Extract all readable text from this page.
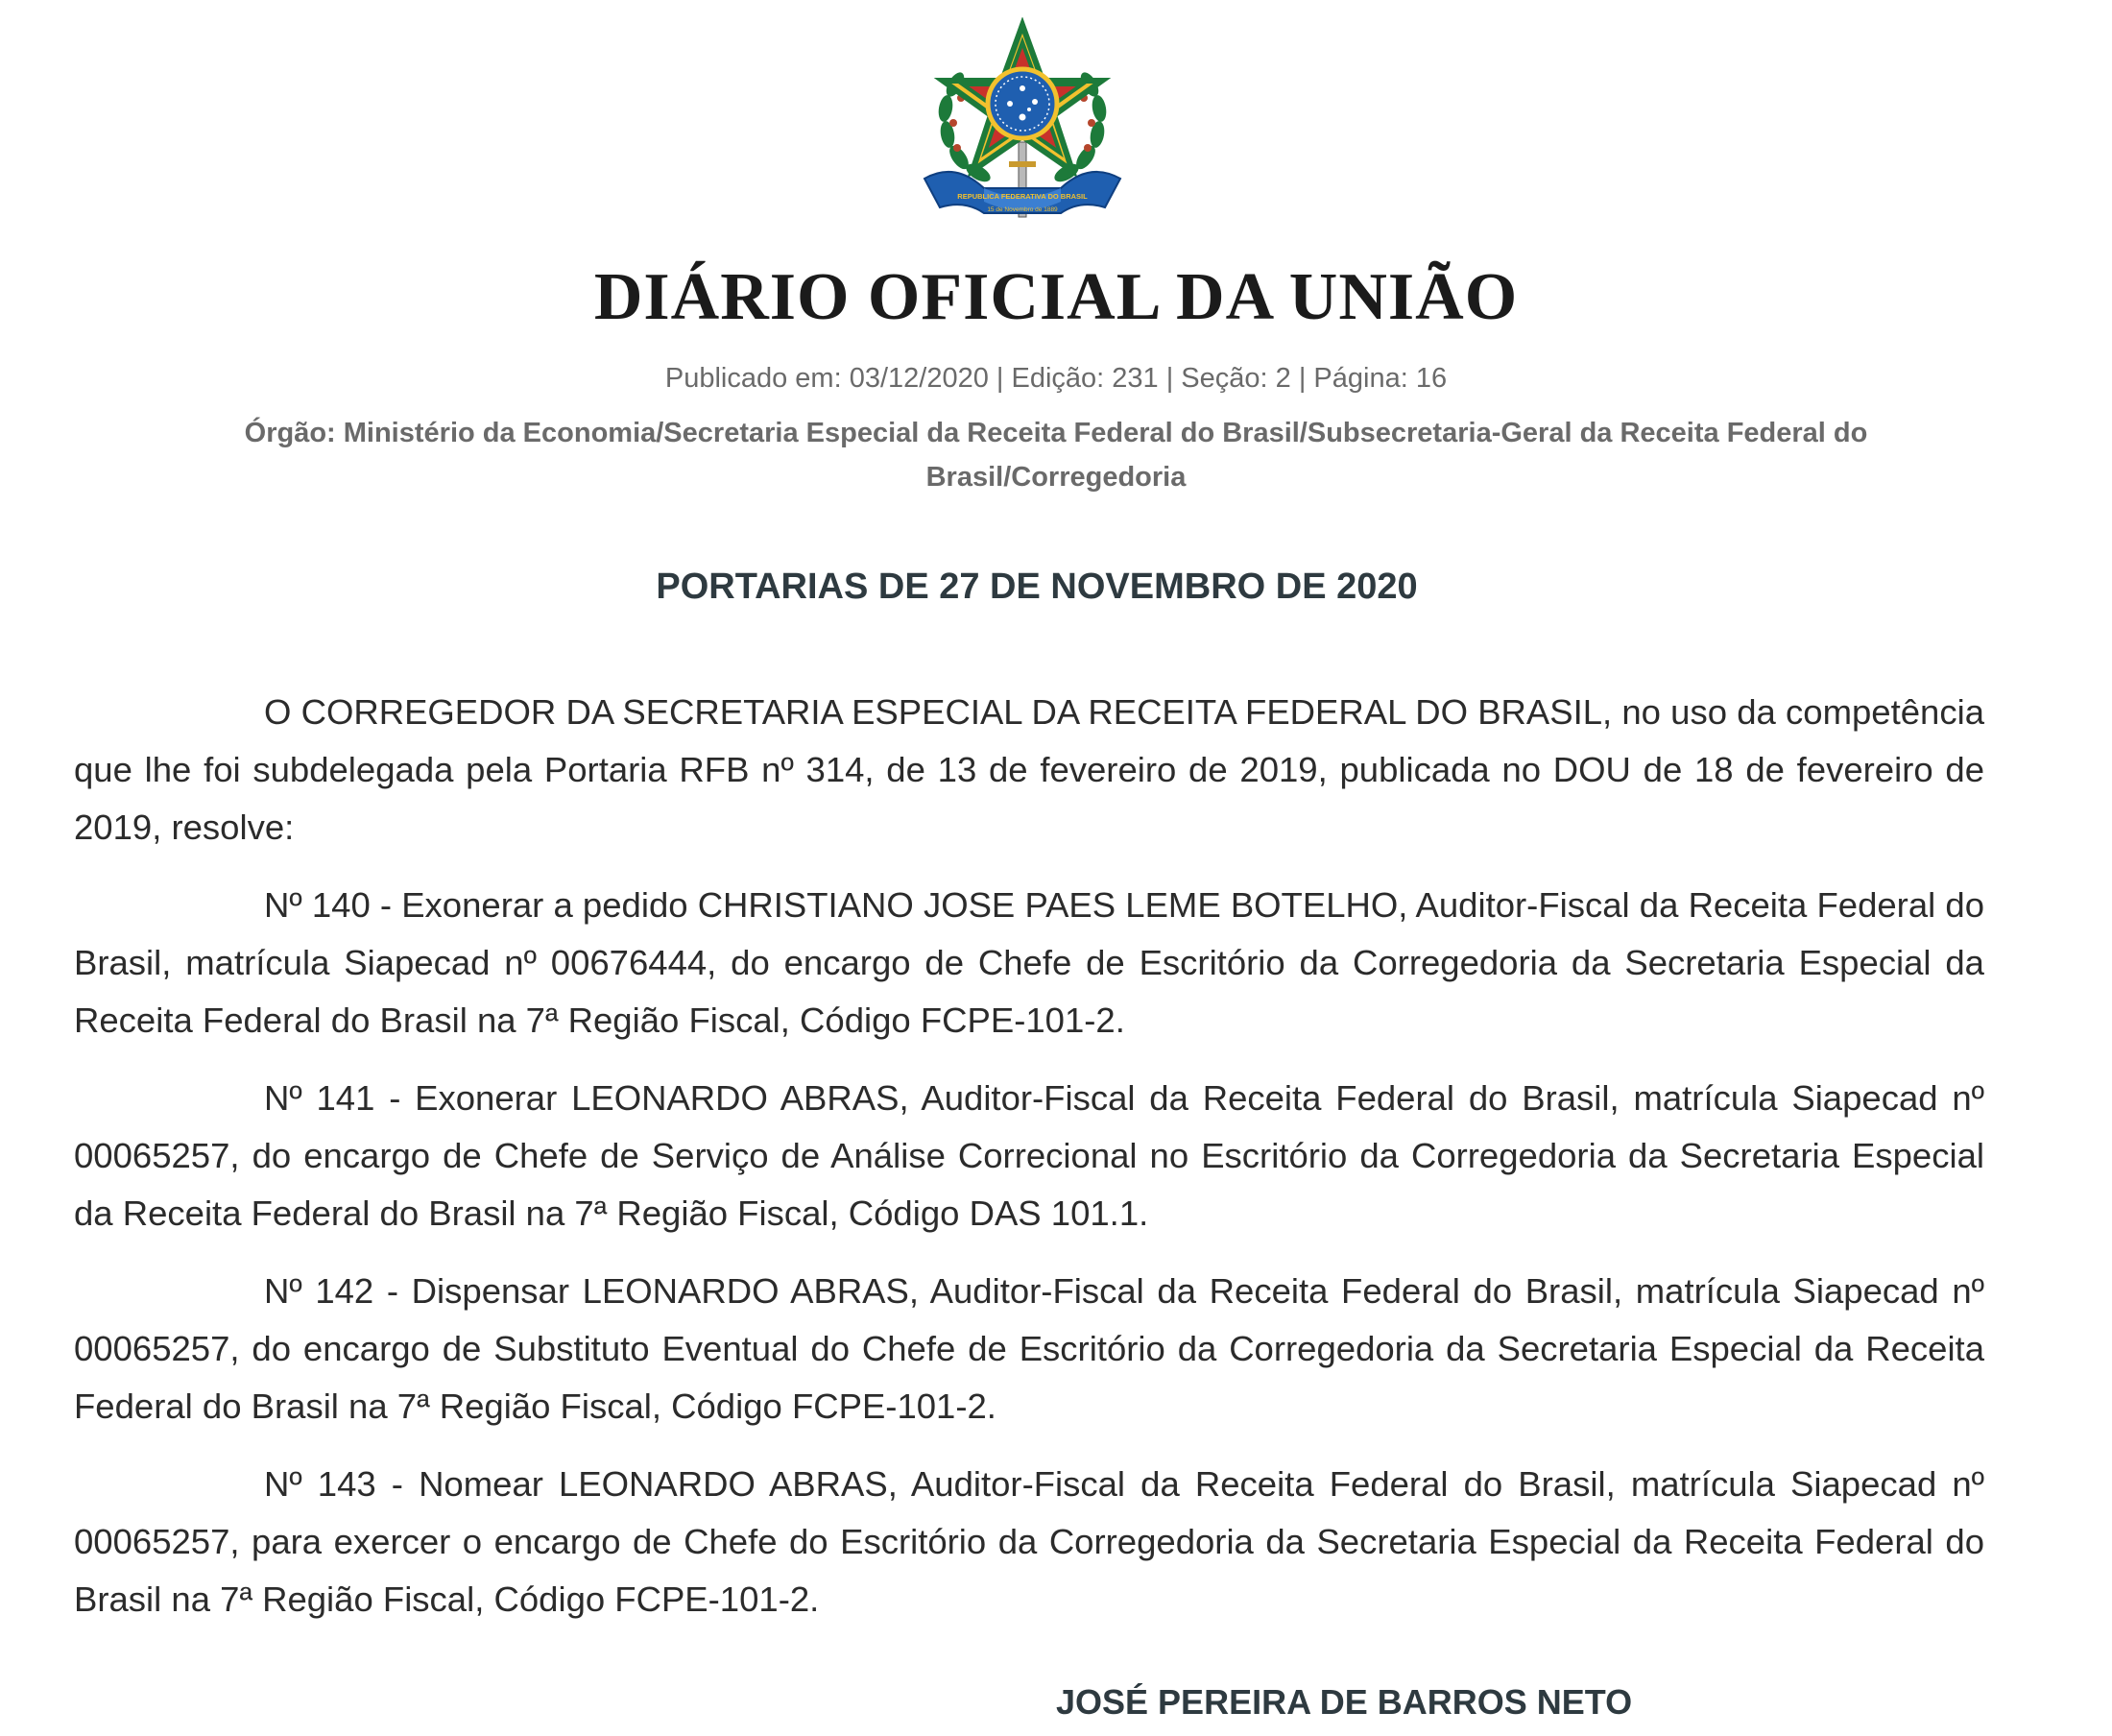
REPUBLICA FEDERATIVA DO BRASIL
15 de Novembro de 1889
DIÁRIO OFICIAL DA UNIÃO
Publicado em: 03/12/2020 | Edição: 231 | Seção: 2 | Página: 16
Órgão: Ministério da Economia/Secretaria Especial da Receita Federal do Brasil/Subsecretaria-Geral da Receita Federal do Brasil/Corregedoria
PORTARIAS DE 27 DE NOVEMBRO DE 2020

O CORREGEDOR DA SECRETARIA ESPECIAL DA RECEITA FEDERAL DO BRASIL, no uso da competência que lhe foi subdelegada pela Portaria RFB nº 314, de 13 de fevereiro de 2019, publicada no DOU de 18 de fevereiro de 2019, resolve:

Nº 140 - Exonerar a pedido CHRISTIANO JOSE PAES LEME BOTELHO, Auditor-Fiscal da Receita Federal do Brasil, matrícula Siapecad nº 00676444, do encargo de Chefe de Escritório da Corregedoria da Secretaria Especial da Receita Federal do Brasil na 7ª Região Fiscal, Código FCPE-101-2.

Nº 141 - Exonerar LEONARDO ABRAS, Auditor-Fiscal da Receita Federal do Brasil, matrícula Siapecad nº 00065257, do encargo de Chefe de Serviço de Análise Correcional no Escritório da Corregedoria da Secretaria Especial da Receita Federal do Brasil na 7ª Região Fiscal, Código DAS 101.1.

Nº 142 - Dispensar LEONARDO ABRAS, Auditor-Fiscal da Receita Federal do Brasil, matrícula Siapecad nº 00065257, do encargo de Substituto Eventual do Chefe de Escritório da Corregedoria da Secretaria Especial da Receita Federal do Brasil na 7ª Região Fiscal, Código FCPE-101-2.

Nº 143 - Nomear LEONARDO ABRAS, Auditor-Fiscal da Receita Federal do Brasil, matrícula Siapecad nº 00065257, para exercer o encargo de Chefe do Escritório da Corregedoria da Secretaria Especial da Receita Federal do Brasil na 7ª Região Fiscal, Código FCPE-101-2.

JOSÉ PEREIRA DE BARROS NETO
